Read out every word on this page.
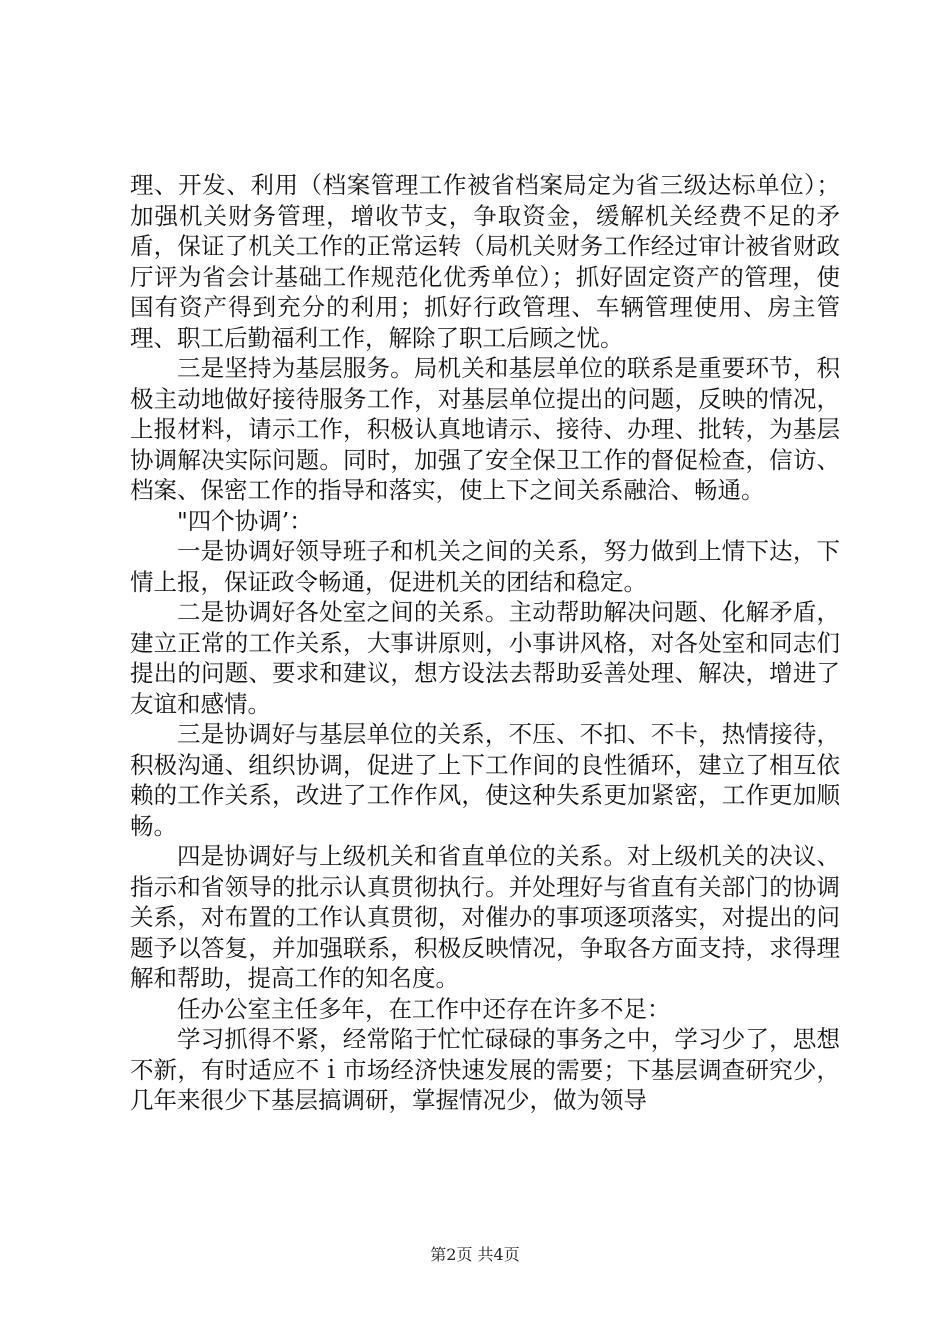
理、开发、利用（档案管理工作被省档案局定为省三级达标单位）；加强机关财务管理，增收节支，争取资金，缓解机关经费不足的矛盾，保证了机关工作的正常运转（局机关财务工作经过审计被省财政厅评为省会计基础工作规范化优秀单位）；抓好固定资产的管理，使国有资产得到充分的利用；抓好行政管理、车辆管理使用、房主管理、职工后勤福利工作，解除了职工后顾之忧。

三是坚持为基层服务。局机关和基层单位的联系是重要环节，积极主动地做好接待服务工作，对基层单位提出的问题，反映的情况，上报材料，请示工作，积极认真地请示、接待、办理、批转，为基层协调解决实际问题。同时，加强了安全保卫工作的督促检查，信访、档案、保密工作的指导和落实，使上下之间关系融洽、畅通。

"四个协调’：

一是协调好领导班子和机关之间的关系，努力做到上情下达，下情上报，保证政令畅通，促进机关的团结和稳定。

二是协调好各处室之间的关系。主动帮助解决问题、化解矛盾，建立正常的工作关系，大事讲原则，小事讲风格，对各处室和同志们提出的问题、要求和建议，想方设法去帮助妥善处理、解决，增进了友谊和感情。

三是协调好与基层单位的关系，不压、不扣、不卡，热情接待，积极沟通、组织协调，促进了上下工作间的良性循环，建立了相互依赖的工作关系，改进了工作作风，使这种失系更加紧密，工作更加顺畅。

四是协调好与上级机关和省直单位的关系。对上级机关的决议、指示和省领导的批示认真贯彻执行。并处理好与省直有关部门的协调关系，对布置的工作认真贯彻，对催办的事项逐项落实，对提出的问题予以答复，并加强联系，积极反映情况，争取各方面支持，求得理解和帮助，提高工作的知名度。

任办公室主任多年，在工作中还存在许多不足：

学习抓得不紧，经常陷于忙忙碌碌的事务之中，学习少了，思想不新，有时适应不ｉ市场经济快速发展的需要；下基层调查研究少，几年来很少下基层搞调研，掌握情况少，做为领导

第2页 共4页
